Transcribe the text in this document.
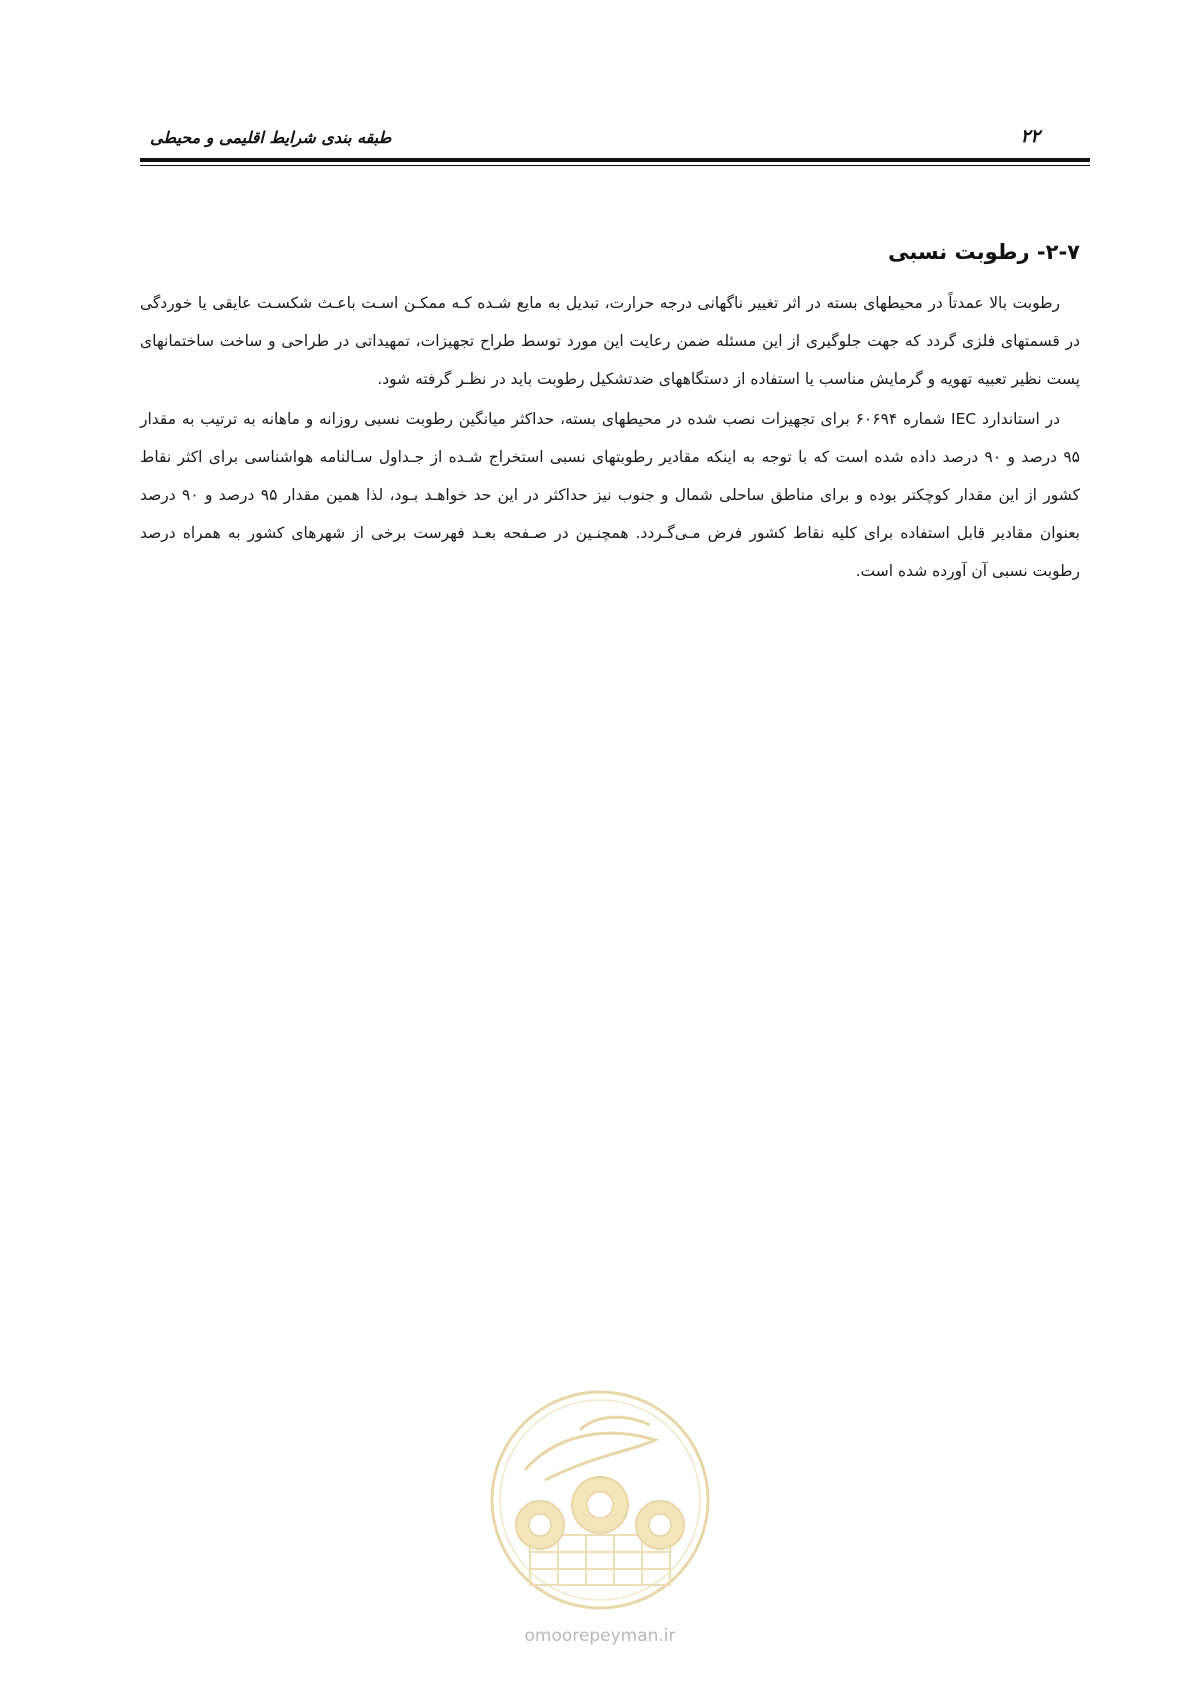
طبقه بندی شرایط اقلیمی و محیطی	۲۲
۲-۷- رطوبت نسبی

رطوبت بالا عمدتاً در محیطهای بسته در اثر تغییر ناگهانی درجه حرارت، تبدیل به مایع شـده کـه ممکـن اسـت باعـث شکسـت عایقی یا خوردگی در قسمتهای فلزی گردد که جهت جلوگیری از این مسئله ضمن رعایت این مورد توسط طراح تجهیزات، تمهیداتی در طراحی و ساخت ساختمانهای پست نظیر تعبیه تهویه و گرمایش مناسب یا استفاده از دستگاههای ضدتشکیل رطوبت باید در نظـر گرفته شود.

در استاندارد IEC شماره ۶۰۶۹۴ برای تجهیزات نصب شده در محیطهای بسته، حداکثر میانگین رطوبت نسبی روزانه و ماهانه به ترتیب به مقدار ۹۵ درصد و ۹۰ درصد داده شده است که با توجه به اینکه مقادیر رطوبتهای نسبی استخراج شـده از جـداول سـالنامه هواشناسی برای اکثر نقاط کشور از این مقدار کوچکتر بوده و برای مناطق ساحلی شمال و جنوب نیز حداکثر در این حد خواهـد بـود، لذا همین مقدار ۹۵ درصد و ۹۰ درصد بعنوان مقادیر قابل استفاده برای کلیه نقاط کشور فرض مـی‌گـردد. همچنـین در صـفحه بعـد فهرست برخی از شهرهای کشور به همراه درصد رطوبت نسبی آن آورده شده است.

omoorepeyman.ir
